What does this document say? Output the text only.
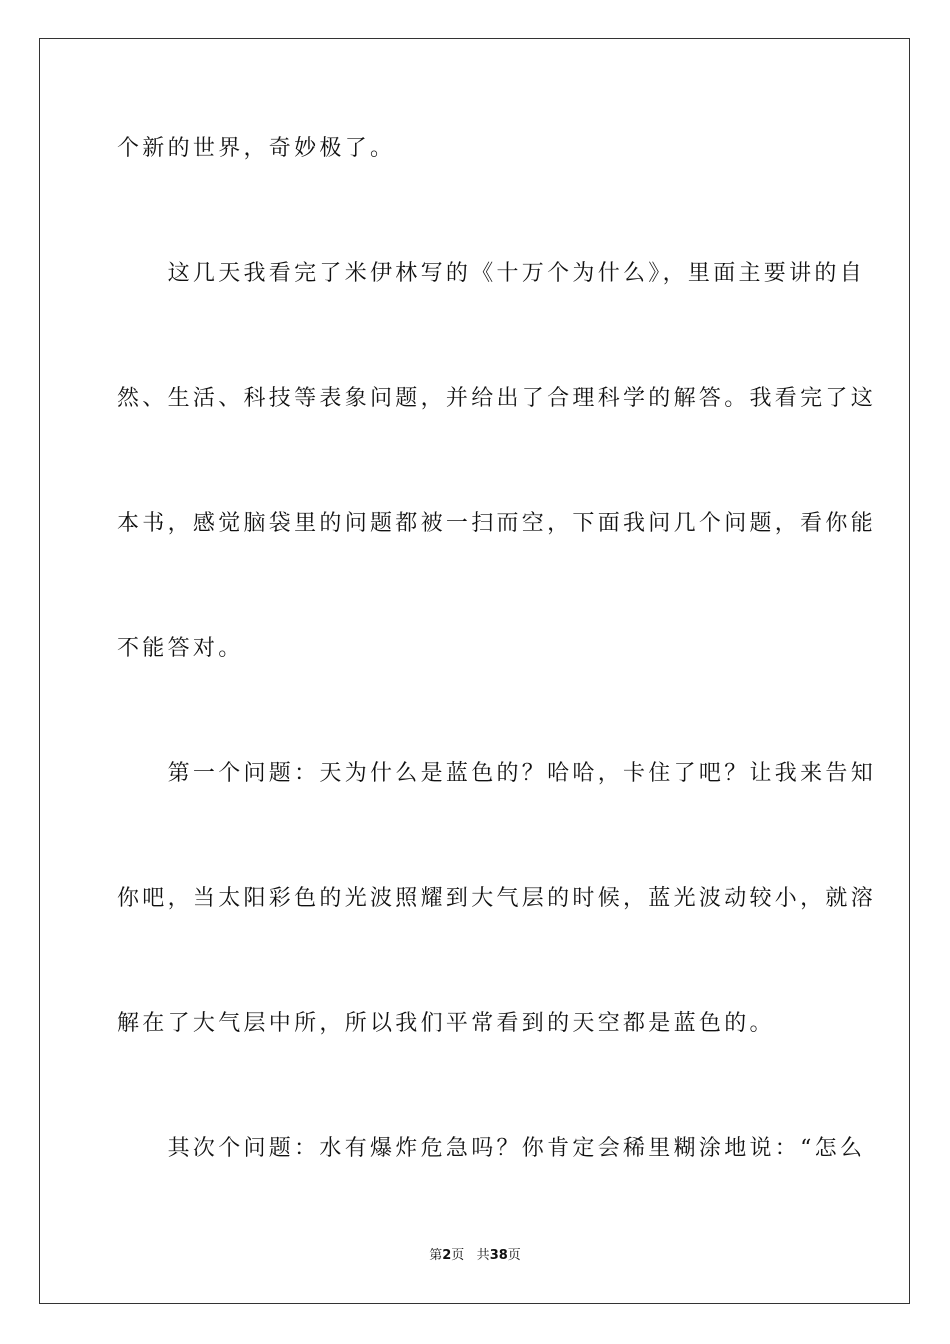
个新的世界，奇妙极了。
　　这几天我看完了米伊林写的《十万个为什么》，里面主要讲的自
然、生活、科技等表象问题，并给出了合理科学的解答。我看完了这
本书，感觉脑袋里的问题都被一扫而空，下面我问几个问题，看你能
不能答对。
　　第一个问题：天为什么是蓝色的？哈哈，卡住了吧？让我来告知
你吧，当太阳彩色的光波照耀到大气层的时候，蓝光波动较小，就溶
解在了大气层中所，所以我们平常看到的天空都是蓝色的。
　　其次个问题：水有爆炸危急吗？你肯定会稀里糊涂地说：“怎么
第2页 共38页
